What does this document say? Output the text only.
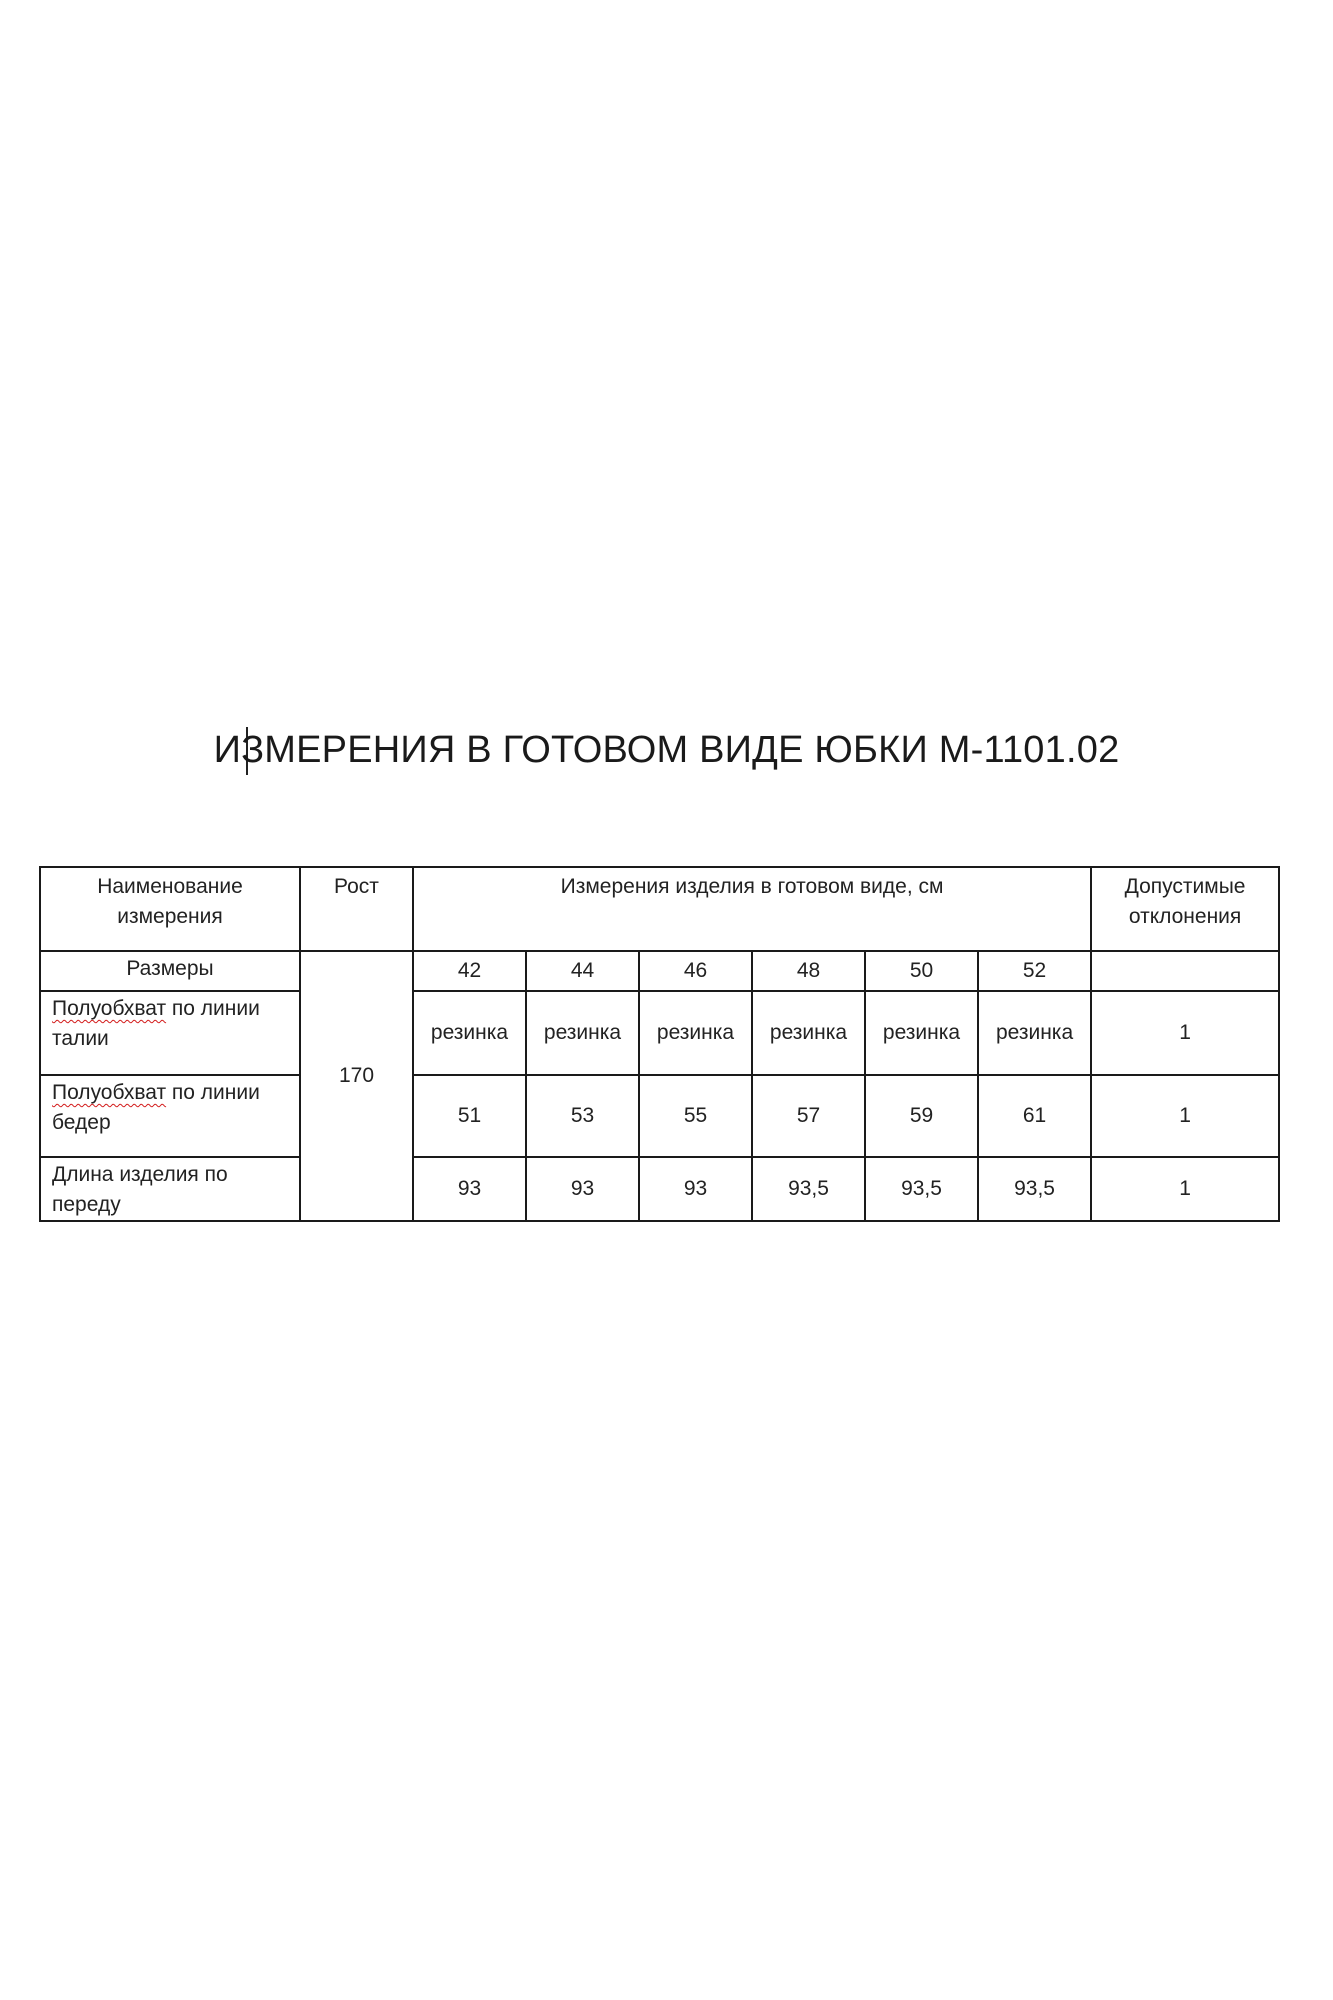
ИЗМЕРЕНИЯ В ГОТОВОМ ВИДЕ ЮБКИ М-1101.02
Наименование измерения	Рост	Измерения изделия в готовом виде, см						Допустимые отклонения
Размеры	170	42	44	46	48	50	52	
Полуобхват по линии талии		резинка	резинка	резинка	резинка	резинка	резинка	1
Полуобхват по линии бедер		51	53	55	57	59	61	1
Длина изделия по переду		93	93	93	93,5	93,5	93,5	1
